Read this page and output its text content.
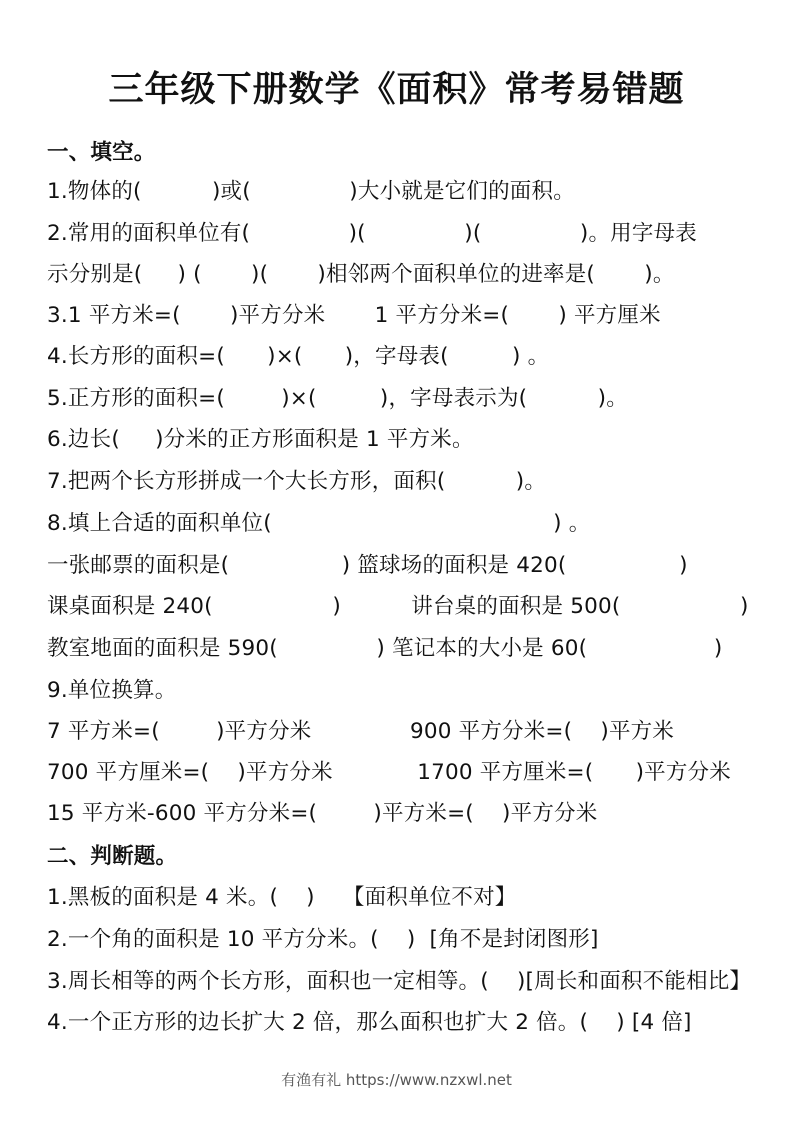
三年级下册数学《面积》常考易错题
一、填空。
1.物体的(          )或(              )大小就是它们的面积。
2.常用的面积单位有(              )(              )(              )。用字母表
示分别是(     ) (       )(       )相邻两个面积单位的进率是(       )。
3.1 平方米=(       )平方分米       1 平方分米=(       ) 平方厘米
4.长方形的面积=(      )×(      )，字母表(         ) 。
5.正方形的面积=(        )×(         )，字母表示为(          )。
6.边长(     )分米的正方形面积是 1 平方米。
7.把两个长方形拼成一个大长方形，面积(          )。
8.填上合适的面积单位(                                        ) 。
一张邮票的面积是(                ) 篮球场的面积是 420(                )
课桌面积是 240(                 )          讲台桌的面积是 500(                 )
教室地面的面积是 590(              ) 笔记本的大小是 60(                  )
9.单位换算。
7 平方米=(        )平方分米              900 平方分米=(    )平方米
700 平方厘米=(    )平方分米            1700 平方厘米=(      )平方分米
15 平方米-600 平方分米=(        )平方米=(    )平方分米
二、判断题。
1.黑板的面积是 4 米。(    )    【面积单位不对】
2.一个角的面积是 10 平方分米。(    )  [角不是封闭图形]
3.周长相等的两个长方形，面积也一定相等。(    )[周长和面积不能相比】
4.一个正方形的边长扩大 2 倍，那么面积也扩大 2 倍。(    ) [4 倍]
有渔有礼 https://www.nzxwl.net
